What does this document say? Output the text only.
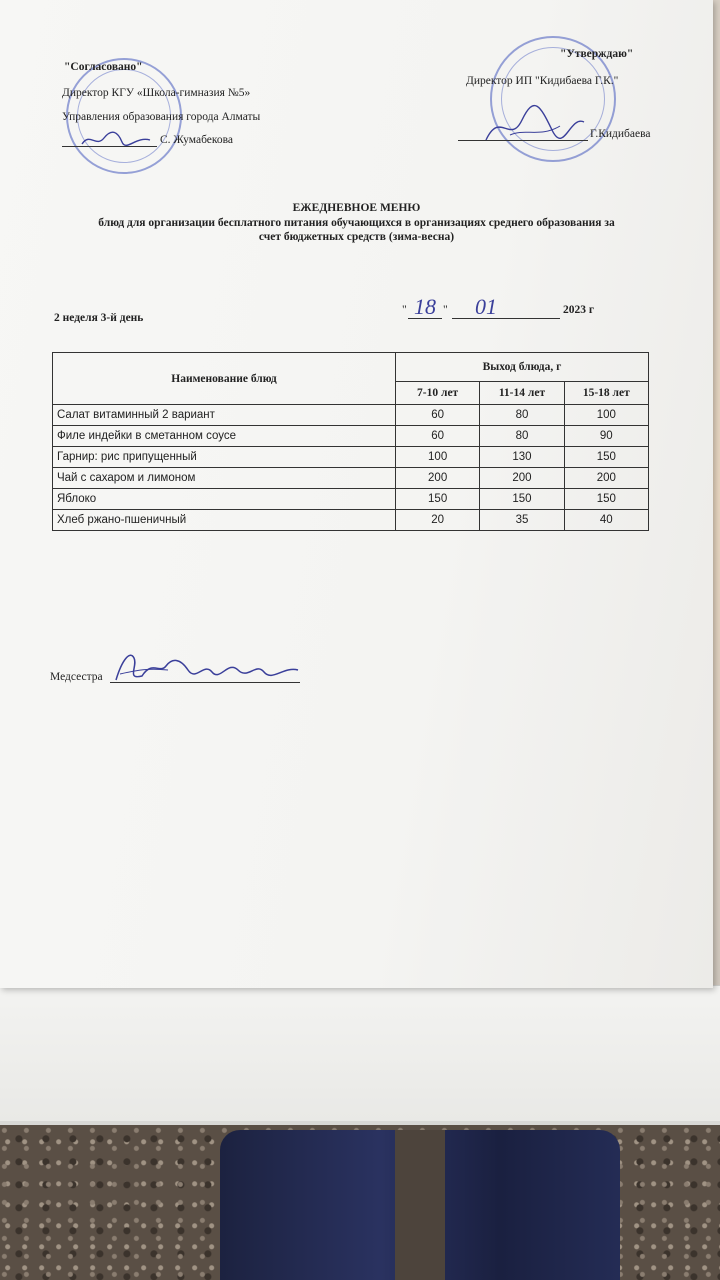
"Согласовано"
Директор КГУ «Школа-гимназия №5»
Управления образования города Алматы
С. Жумабекова
"Утверждаю"
Директор ИП "Кидибаева Г.К."
Г.Кидибаева
ЕЖЕДНЕВНОЕ МЕНЮ
блюд для организации бесплатного питания обучающихся в организациях среднего образования за
счет бюджетных средств (зима-весна)
2 неделя 3-й день
" 18 " 01	2023 г
Наименование блюд	Выход блюда, г		
	7-10 лет	11-14 лет	15-18 лет
Салат витаминный 2 вариант	60	80	100
Филе индейки в сметанном соусе	60	80	90
Гарнир: рис припущенный	100	130	150
Чай с сахаром и лимоном	200	200	200
Яблоко	150	150	150
Хлеб ржано-пшеничный	20	35	40
Медсестра
